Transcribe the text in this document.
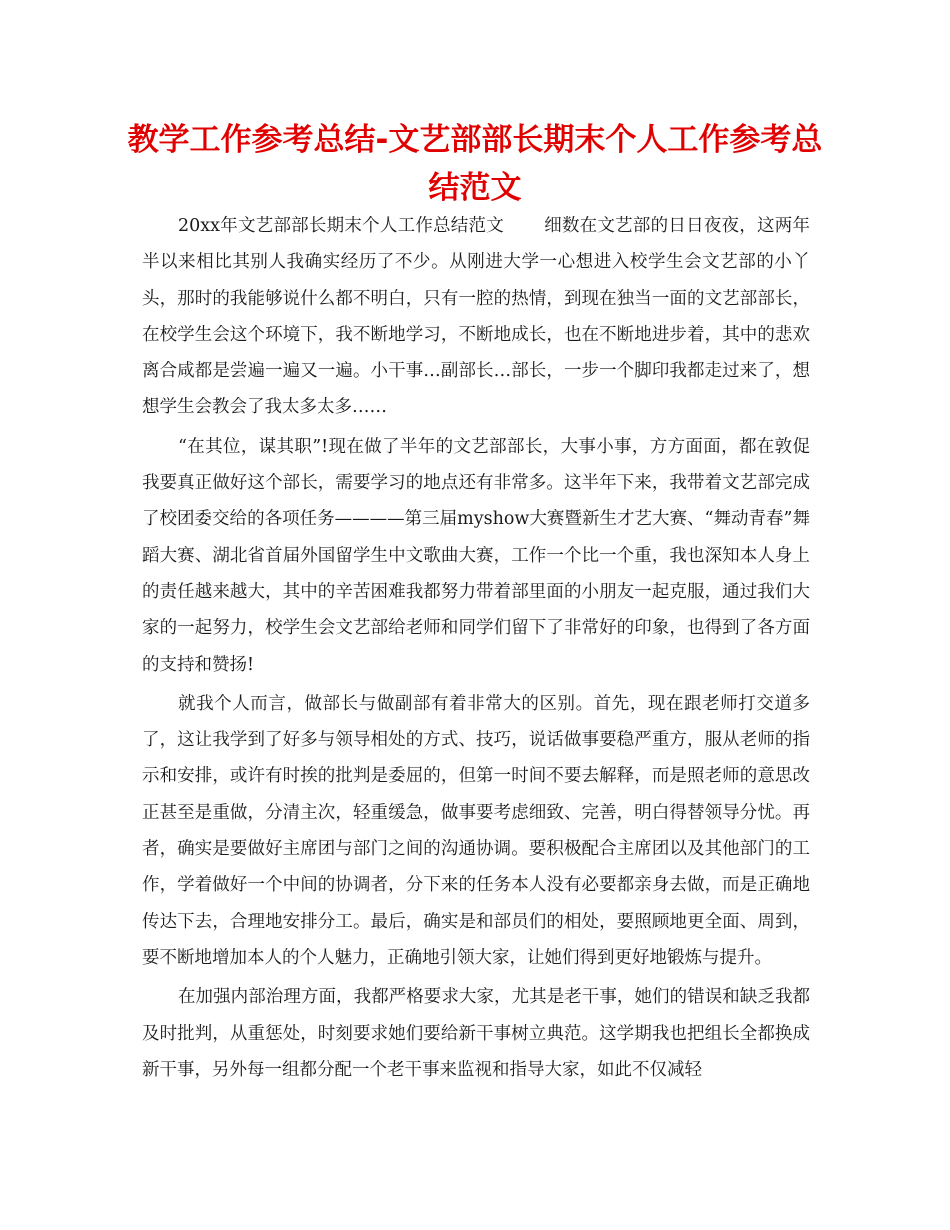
教学工作参考总结-文艺部部长期末个人工作参考总结范文

20xx年文艺部部长期末个人工作总结范文 细数在文艺部的日日夜夜，这两年半以来相比其别人我确实经历了不少。从刚进大学一心想进入校学生会文艺部的小丫头，那时的我能够说什么都不明白，只有一腔的热情，到现在独当一面的文艺部部长，在校学生会这个环境下，我不断地学习，不断地成长，也在不断地进步着，其中的悲欢离合咸都是尝遍一遍又一遍。小干事…副部长…部长，一步一个脚印我都走过来了，想想学生会教会了我太多太多……

“在其位，谋其职”!现在做了半年的文艺部部长，大事小事，方方面面，都在敦促我要真正做好这个部长，需要学习的地点还有非常多。这半年下来，我带着文艺部完成了校团委交给的各项任务————第三届myshow大赛暨新生才艺大赛、“舞动青春”舞蹈大赛、湖北省首届外国留学生中文歌曲大赛，工作一个比一个重，我也深知本人身上的责任越来越大，其中的辛苦困难我都努力带着部里面的小朋友一起克服，通过我们大家的一起努力，校学生会文艺部给老师和同学们留下了非常好的印象，也得到了各方面的支持和赞扬!

就我个人而言，做部长与做副部有着非常大的区别。首先，现在跟老师打交道多了，这让我学到了好多与领导相处的方式、技巧，说话做事要稳严重方，服从老师的指示和安排，或许有时挨的批判是委屈的，但第一时间不要去解释，而是照老师的意思改正甚至是重做，分清主次，轻重缓急，做事要考虑细致、完善，明白得替领导分忧。再者，确实是要做好主席团与部门之间的沟通协调。要积极配合主席团以及其他部门的工作，学着做好一个中间的协调者，分下来的任务本人没有必要都亲身去做，而是正确地传达下去，合理地安排分工。最后，确实是和部员们的相处，要照顾地更全面、周到，要不断地增加本人的个人魅力，正确地引领大家，让她们得到更好地锻炼与提升。

在加强内部治理方面，我都严格要求大家，尤其是老干事，她们的错误和缺乏我都及时批判，从重惩处，时刻要求她们要给新干事树立典范。这学期我也把组长全都换成新干事，另外每一组都分配一个老干事来监视和指导大家，如此不仅减轻
